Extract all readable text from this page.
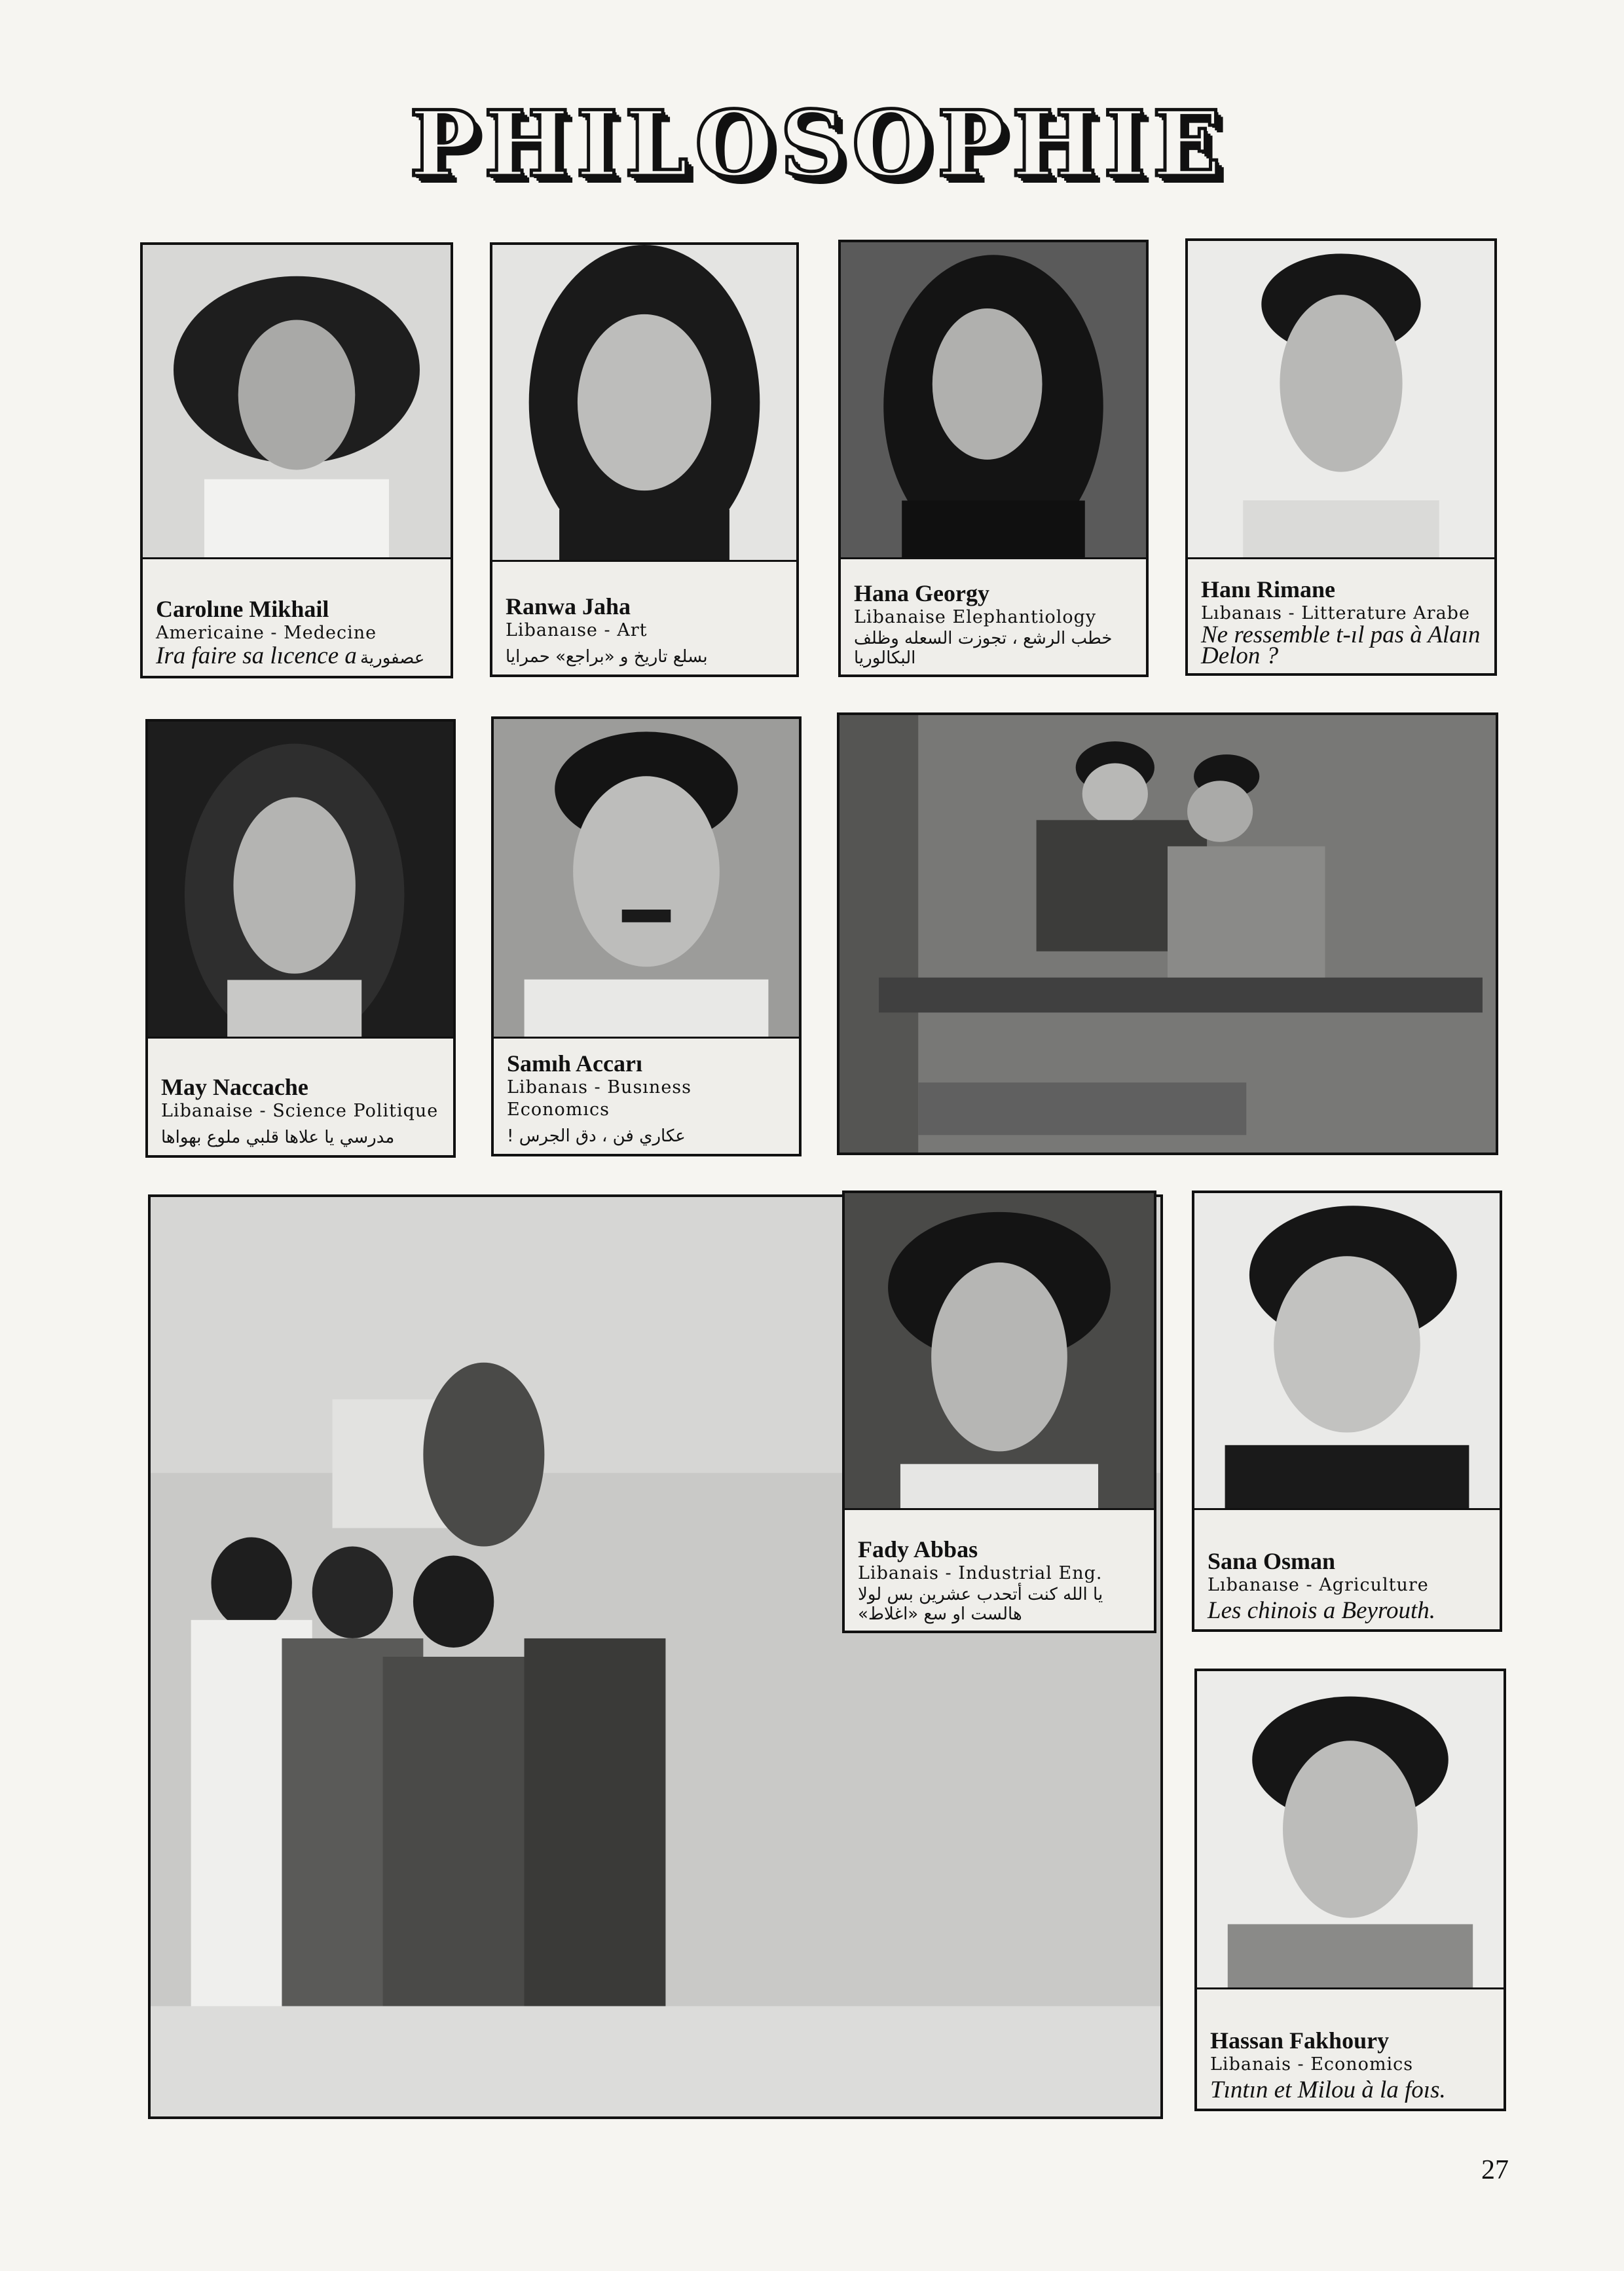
PHILOSOPHIE
Carolıne Mikhail
Americaine - Medecine
Ira faire sa lıcence a عصفورية
Ranwa Jaha
Libanaıse - Art
بسلع تاريخ و «براجع» حمرايا
Hana Georgy
Libanaise Elephantiology
خطب الرشع ، تجوزت السعله وظلف البكالوريا
Hanı Rimane
Lıbanaıs - Litterature Arabe
Ne ressemble t-ıl pas à Alaın Delon ?
May Naccache
Libanaise - Science Politique
مدرسي يا علاها قلبي ملوع بهواها
Samıh Accarı
Libanaıs - Busıness Economıcs
عكاري فن ، دق الجرس !
Fady Abbas
Libanais - Industrial Eng.
يا الله كنت أتحدب عشرين بس لولا هالست او سع «اغلاط»
Sana Osman
Lıbanaıse - Agriculture
Les chinois a Beyrouth.
Hassan Fakhoury
Libanais - Economics
Tıntın et Milou à la foıs.
27
